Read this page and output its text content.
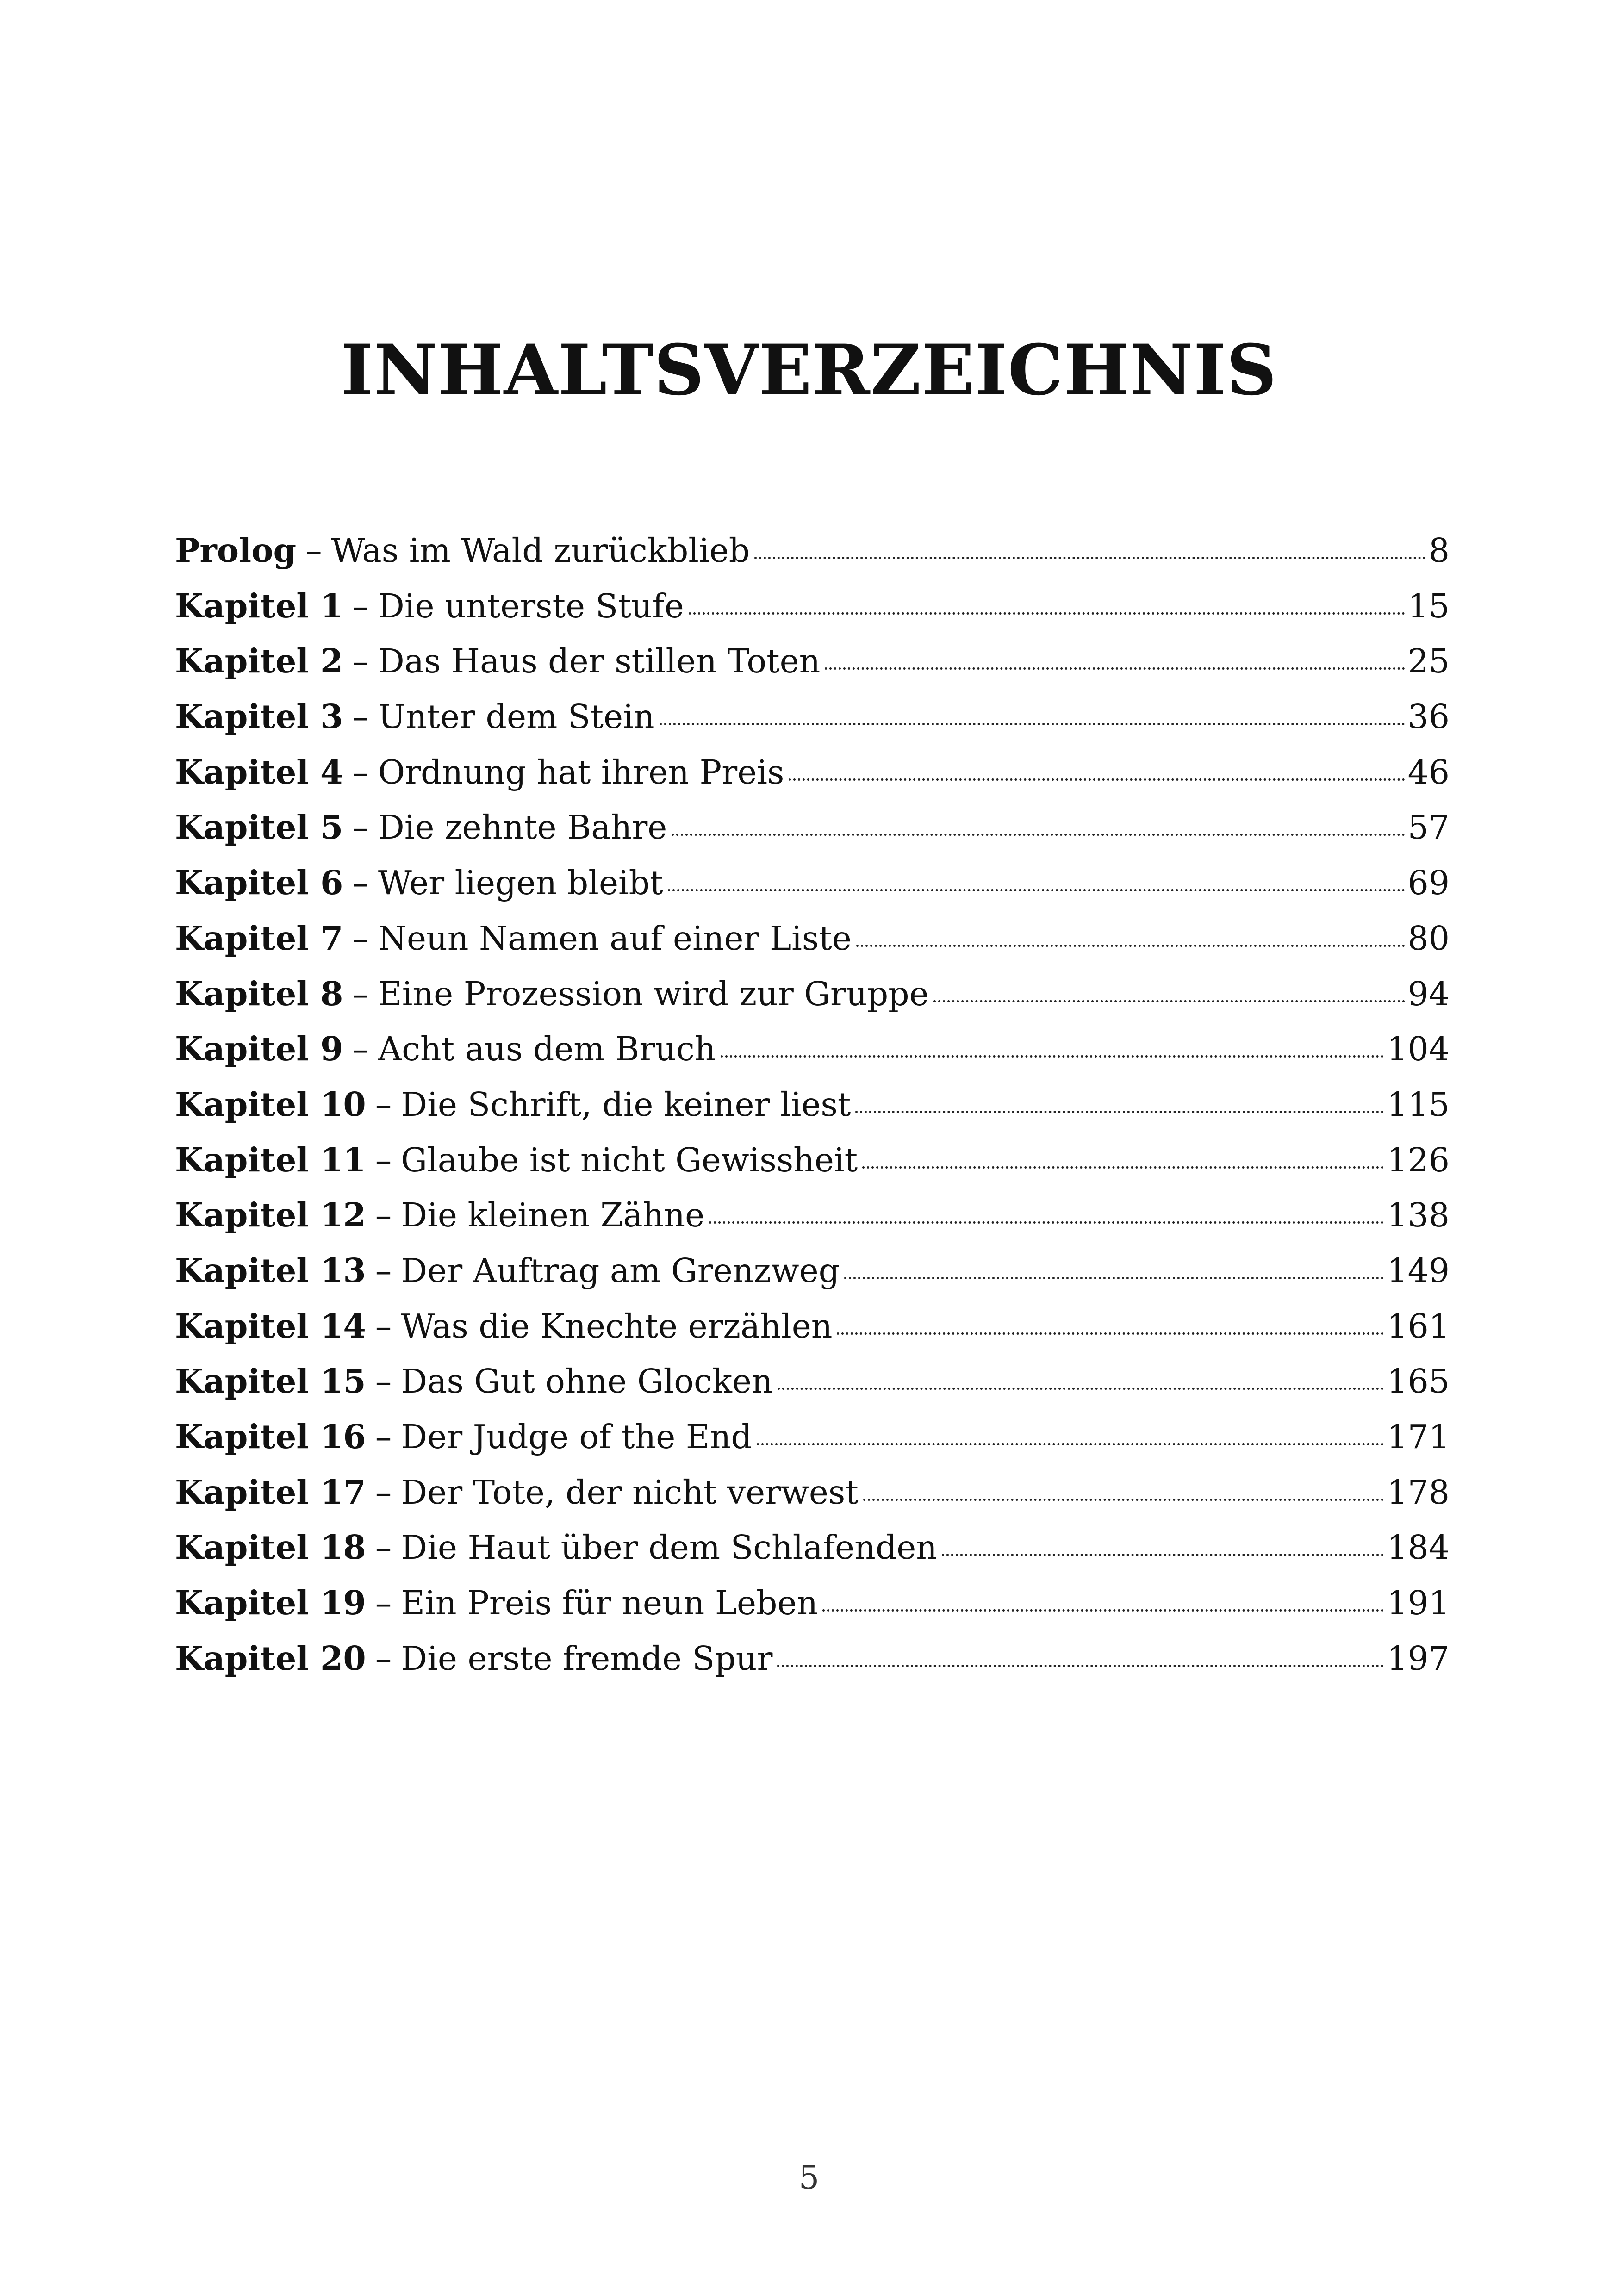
INHALTSVERZEICHNIS
Prolog – Was im Wald zurückblieb	8
Kapitel 1 – Die unterste Stufe	15
Kapitel 2 – Das Haus der stillen Toten	25
Kapitel 3 – Unter dem Stein	36
Kapitel 4 – Ordnung hat ihren Preis	46
Kapitel 5 – Die zehnte Bahre	57
Kapitel 6 – Wer liegen bleibt	69
Kapitel 7 – Neun Namen auf einer Liste	80
Kapitel 8 – Eine Prozession wird zur Gruppe	94
Kapitel 9 – Acht aus dem Bruch	104
Kapitel 10 – Die Schrift, die keiner liest	115
Kapitel 11 – Glaube ist nicht Gewissheit	126
Kapitel 12 – Die kleinen Zähne	138
Kapitel 13 – Der Auftrag am Grenzweg	149
Kapitel 14 – Was die Knechte erzählen	161
Kapitel 15 – Das Gut ohne Glocken	165
Kapitel 16 – Der Judge of the End	171
Kapitel 17 – Der Tote, der nicht verwest	178
Kapitel 18 – Die Haut über dem Schlafenden	184
Kapitel 19 – Ein Preis für neun Leben	191
Kapitel 20 – Die erste fremde Spur	197
5
